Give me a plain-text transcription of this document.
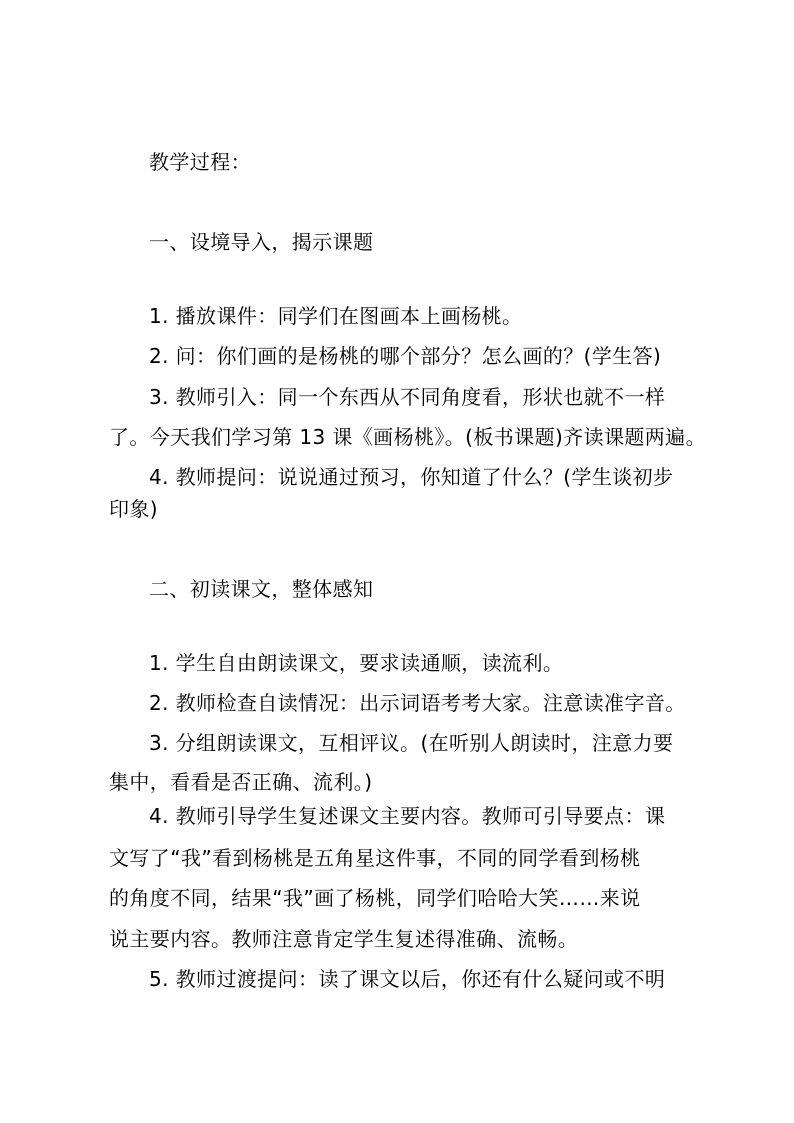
教学过程：
一、设境导入，揭示课题
1. 播放课件：同学们在图画本上画杨桃。
2. 问：你们画的是杨桃的哪个部分？怎么画的？(学生答)
3. 教师引入：同一个东西从不同角度看，形状也就不一样
了。今天我们学习第 13 课《画杨桃》。(板书课题)齐读课题两遍。
4. 教师提问：说说通过预习，你知道了什么？(学生谈初步
印象)
二、初读课文，整体感知
1. 学生自由朗读课文，要求读通顺，读流利。
2. 教师检查自读情况：出示词语考考大家。注意读准字音。
3. 分组朗读课文，互相评议。(在听别人朗读时，注意力要
集中，看看是否正确、流利。)
4. 教师引导学生复述课文主要内容。教师可引导要点：课
文写了“我”看到杨桃是五角星这件事，不同的同学看到杨桃
的角度不同，结果“我”画了杨桃，同学们哈哈大笑……来说
说主要内容。教师注意肯定学生复述得准确、流畅。
5. 教师过渡提问：读了课文以后，你还有什么疑问或不明
